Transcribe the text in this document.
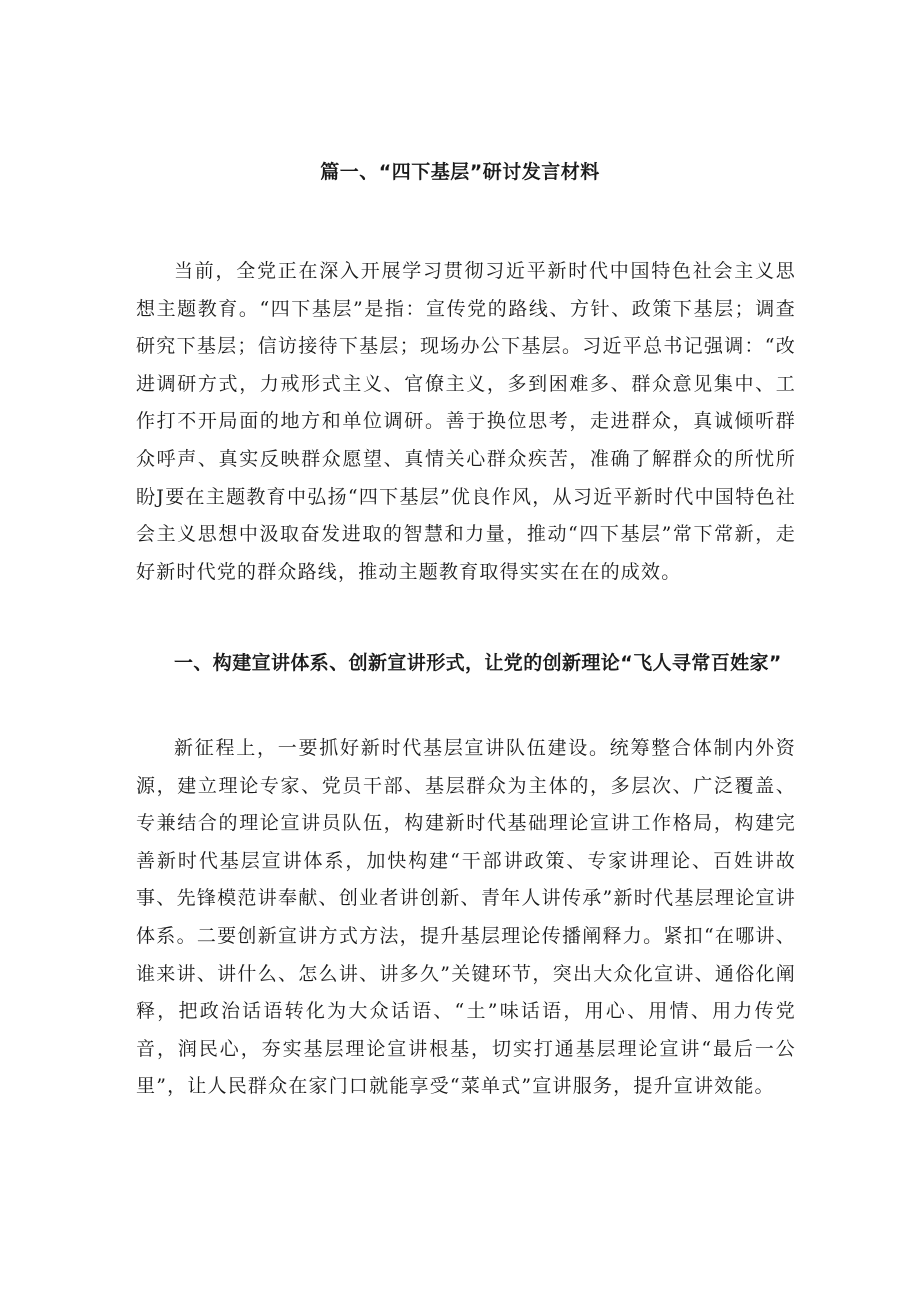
篇一、“四下基层”研讨发言材料

当前，全党正在深入开展学习贯彻习近平新时代中国特色社会主义思想主题教育。“四下基层”是指：宣传党的路线、方针、政策下基层；调查研究下基层；信访接待下基层；现场办公下基层。习近平总书记强调：“改进调研方式，力戒形式主义、官僚主义，多到困难多、群众意见集中、工作打不开局面的地方和单位调研。善于换位思考，走进群众，真诚倾听群众呼声、真实反映群众愿望、真情关心群众疾苦，准确了解群众的所忧所盼J要在主题教育中弘扬“四下基层”优良作风，从习近平新时代中国特色社会主义思想中汲取奋发进取的智慧和力量，推动“四下基层”常下常新，走好新时代党的群众路线，推动主题教育取得实实在在的成效。

一、构建宣讲体系、创新宣讲形式，让党的创新理论“飞人寻常百姓家”

新征程上，一要抓好新时代基层宣讲队伍建设。统筹整合体制内外资源，建立理论专家、党员干部、基层群众为主体的，多层次、广泛覆盖、专兼结合的理论宣讲员队伍，构建新时代基础理论宣讲工作格局，构建完善新时代基层宣讲体系，加快构建“干部讲政策、专家讲理论、百姓讲故事、先锋模范讲奉献、创业者讲创新、青年人讲传承”新时代基层理论宣讲体系。二要创新宣讲方式方法，提升基层理论传播阐释力。紧扣“在哪讲、谁来讲、讲什么、怎么讲、讲多久”关键环节，突出大众化宣讲、通俗化阐释，把政治话语转化为大众话语、“土”味话语，用心、用情、用力传党音，润民心，夯实基层理论宣讲根基，切实打通基层理论宣讲“最后一公里”，让人民群众在家门口就能享受“菜单式”宣讲服务，提升宣讲效能。
